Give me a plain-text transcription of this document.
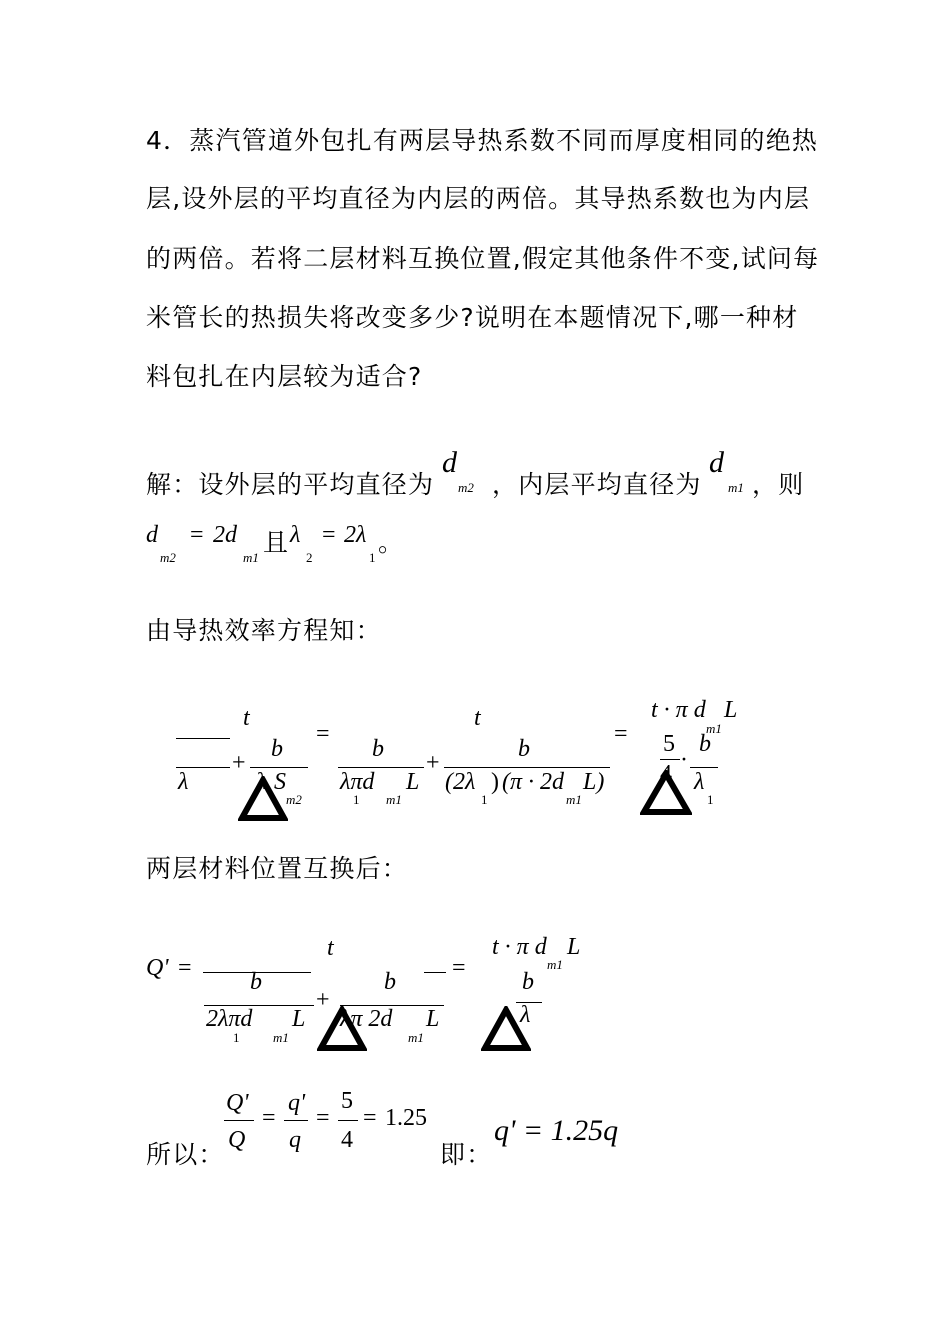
4．蒸汽管道外包扎有两层导热系数不同而厚度相同的绝热
层,设外层的平均直径为内层的两倍。其导热系数也为内层
的两倍。若将二层材料互换位置,假定其他条件不变,试问每
米管长的热损失将改变多少?说明在本题情况下,哪一种材
料包扎在内层较为适合?
解：设外层的平均直径为
d
m2 ，内层平均直径为
d
m1 ，则
d
m2
= 2d
m1
且 λ
2
= 2λ
1
。
由导热效率方程知：
t
λ
+
b
λ S
m2
=
t
b
λπd L
1 m1
+
b
(2λ ) (π · 2d L)
1	m1
=
t · π d L
m1
5 b
4
·
λ
1
两层材料位置互换后：
Q' =
t
b
2λπd L
1	m1
+
b
λπ 2d L
m1
=
t · π d L
m1
b
λ
Q'
Q
=
q'
q
=
5
4
= 1.25
所以：	即：
q' = 1.25q
